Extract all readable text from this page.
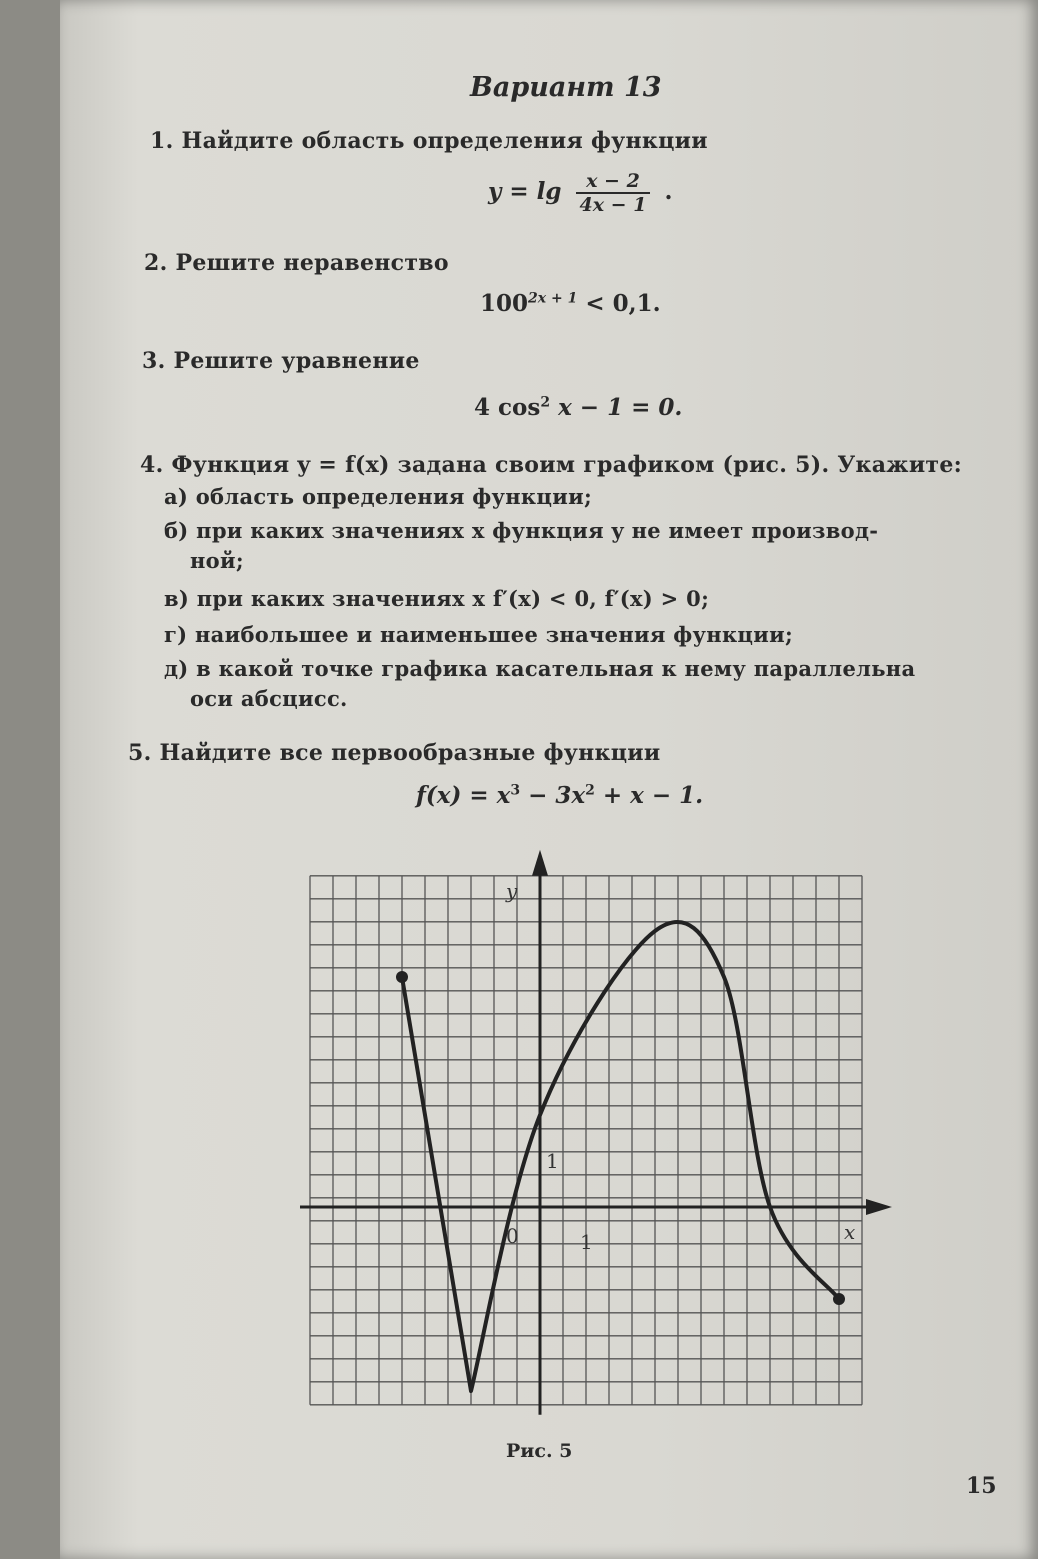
Вариант 13
1. Найдите область определения функции
$y = \lg \frac{x - 2}{4x - 1}$ .
2. Решите неравенство
$100^{2x + 1} < 0,1$.
3. Решите уравнение
4 $\cos^2 x - 1 = 0$.
4. Функция y = f(x) задана своим графиком (рис. 5). Укажите:
а) область определения функции;
б) при каких значениях x функция y не имеет производ-
ной;
в) при каких значениях x f′(x) < 0, f′(x) > 0;
г) наибольшее и наименьшее значения функции;
д) в какой точке графика касательная к нему параллельна
оси абсцисс.
5. Найдите все первообразные функции
$f(x) = x^3 - 3x^2 + x - 1$.
y
x
0	1
1
Рис. 5
15
